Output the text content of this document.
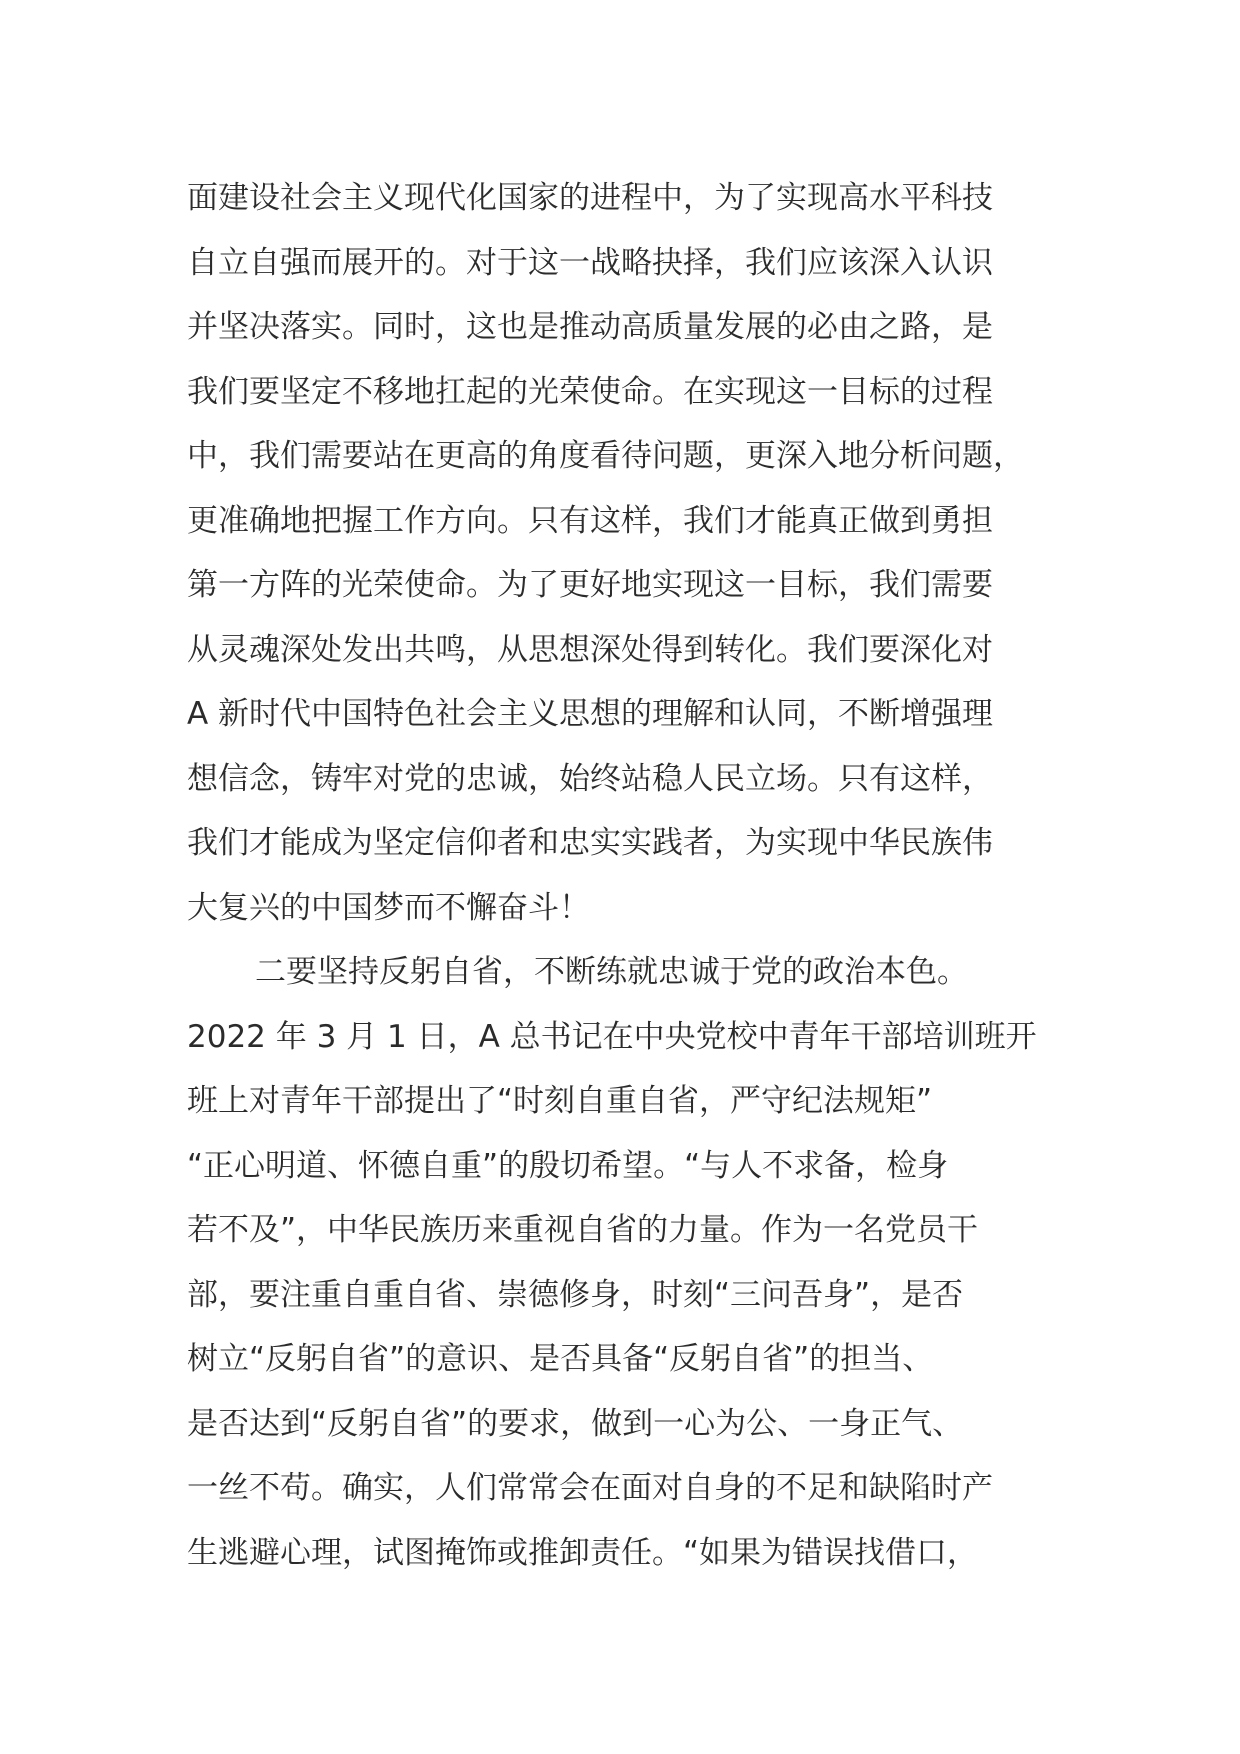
面建设社会主义现代化国家的进程中，为了实现高水平科技
自立自强而展开的。对于这一战略抉择，我们应该深入认识
并坚决落实。同时，这也是推动高质量发展的必由之路，是
我们要坚定不移地扛起的光荣使命。在实现这一目标的过程
中，我们需要站在更高的角度看待问题，更深入地分析问题，
更准确地把握工作方向。只有这样，我们才能真正做到勇担
第一方阵的光荣使命。为了更好地实现这一目标，我们需要
从灵魂深处发出共鸣，从思想深处得到转化。我们要深化对
A 新时代中国特色社会主义思想的理解和认同，不断增强理
想信念，铸牢对党的忠诚，始终站稳人民立场。只有这样，
我们才能成为坚定信仰者和忠实实践者，为实现中华民族伟
大复兴的中国梦而不懈奋斗！
二要坚持反躬自省，不断练就忠诚于党的政治本色。
2022 年 3 月 1 日，A 总书记在中央党校中青年干部培训班开
班上对青年干部提出了“时刻自重自省，严守纪法规矩”
“正心明道、怀德自重”的殷切希望。“与人不求备，检身
若不及”，中华民族历来重视自省的力量。作为一名党员干
部，要注重自重自省、崇德修身，时刻“三问吾身”，是否
树立“反躬自省”的意识、是否具备“反躬自省”的担当、
是否达到“反躬自省”的要求，做到一心为公、一身正气、
一丝不苟。确实，人们常常会在面对自身的不足和缺陷时产
生逃避心理，试图掩饰或推卸责任。“如果为错误找借口，
